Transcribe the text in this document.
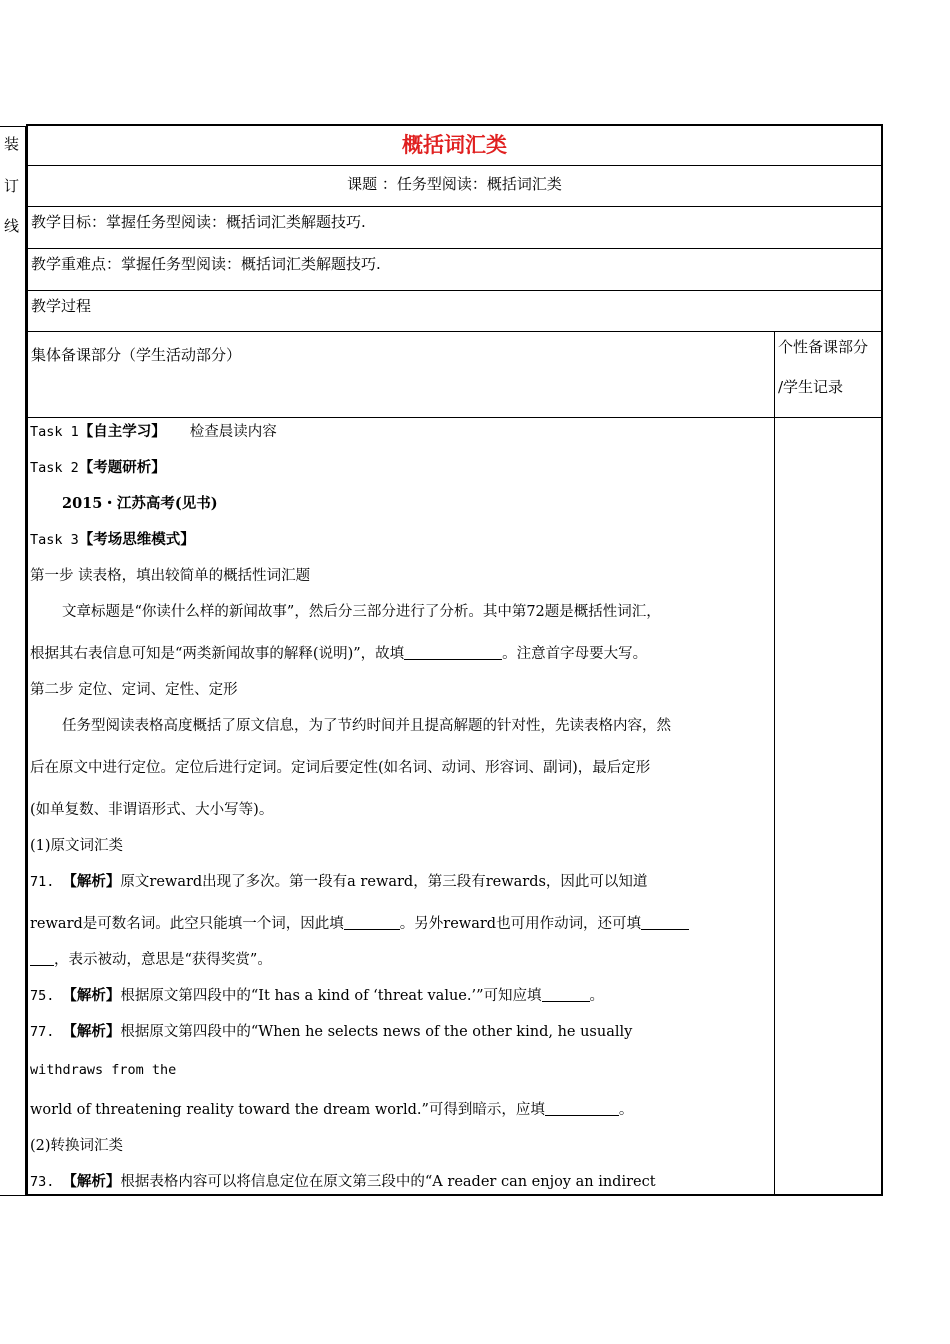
装
订
线
概括词汇类
课题 ：任务型阅读：概括词汇类
教学目标：掌握任务型阅读：概括词汇类解题技巧.
教学重难点：掌握任务型阅读：概括词汇类解题技巧.
教学过程
集体备课部分（学生活动部分）	个性备课部分
/学生记录
Task 1【自主学习】 检查晨读内容
Task 2【考题研析】
2015・江苏高考(见书)
Task 3【考场思维模式】
第一步 读表格，填出较简单的概括性词汇题
文章标题是“你读什么样的新闻故事”，然后分三部分进行了分析。其中第72题是概括性词汇，
根据其右表信息可知是“两类新闻故事的解释(说明)”，故填	。注意首字母要大写。
第二步 定位、定词、定性、定形
任务型阅读表格高度概括了原文信息，为了节约时间并且提高解题的针对性，先读表格内容，然
后在原文中进行定位。定位后进行定词。定词后要定性(如名词、动词、形容词、副词)，最后定形
(如单复数、非谓语形式、大小写等)。
(1)原文词汇类
71. 【解析】原文reward出现了多次。第一段有a reward，第三段有rewards，因此可以知道
reward是可数名词。此空只能填一个词，因此填	。另外reward也可用作动词，还可填
，表示被动，意思是“获得奖赏”。
75. 【解析】根据原文第四段中的“It has a kind of ‘threat value.’”可知应填	。
77. 【解析】根据原文第四段中的“When he selects news of the other kind, he usually
withdraws from the
world of threatening reality toward the dream world.”可得到暗示，应填	。
(2)转换词汇类
73. 【解析】根据表格内容可以将信息定位在原文第三段中的“A reader can enjoy an indirect
